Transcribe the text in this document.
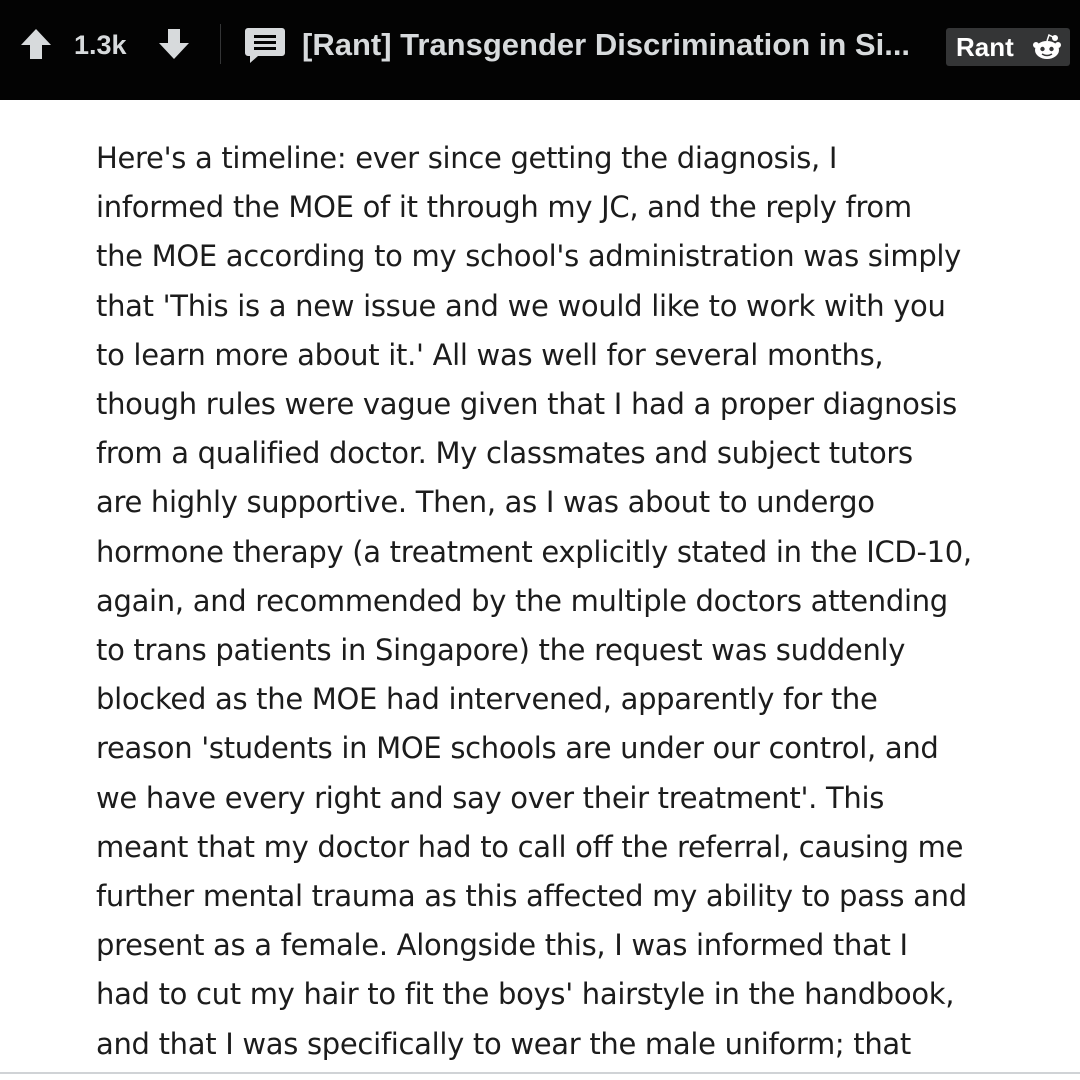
1.3k	[Rant] Transgender Discrimination in Si...	Rant
Here's a timeline: ever since getting the diagnosis, I
informed the MOE of it through my JC, and the reply from
the MOE according to my school's administration was simply
that 'This is a new issue and we would like to work with you
to learn more about it.' All was well for several months,
though rules were vague given that I had a proper diagnosis
from a qualified doctor. My classmates and subject tutors
are highly supportive. Then, as I was about to undergo
hormone therapy (a treatment explicitly stated in the ICD-10,
again, and recommended by the multiple doctors attending
to trans patients in Singapore) the request was suddenly
blocked as the MOE had intervened, apparently for the
reason 'students in MOE schools are under our control, and
we have every right and say over their treatment'. This
meant that my doctor had to call off the referral, causing me
further mental trauma as this affected my ability to pass and
present as a female. Alongside this, I was informed that I
had to cut my hair to fit the boys' hairstyle in the handbook,
and that I was specifically to wear the male uniform; that
